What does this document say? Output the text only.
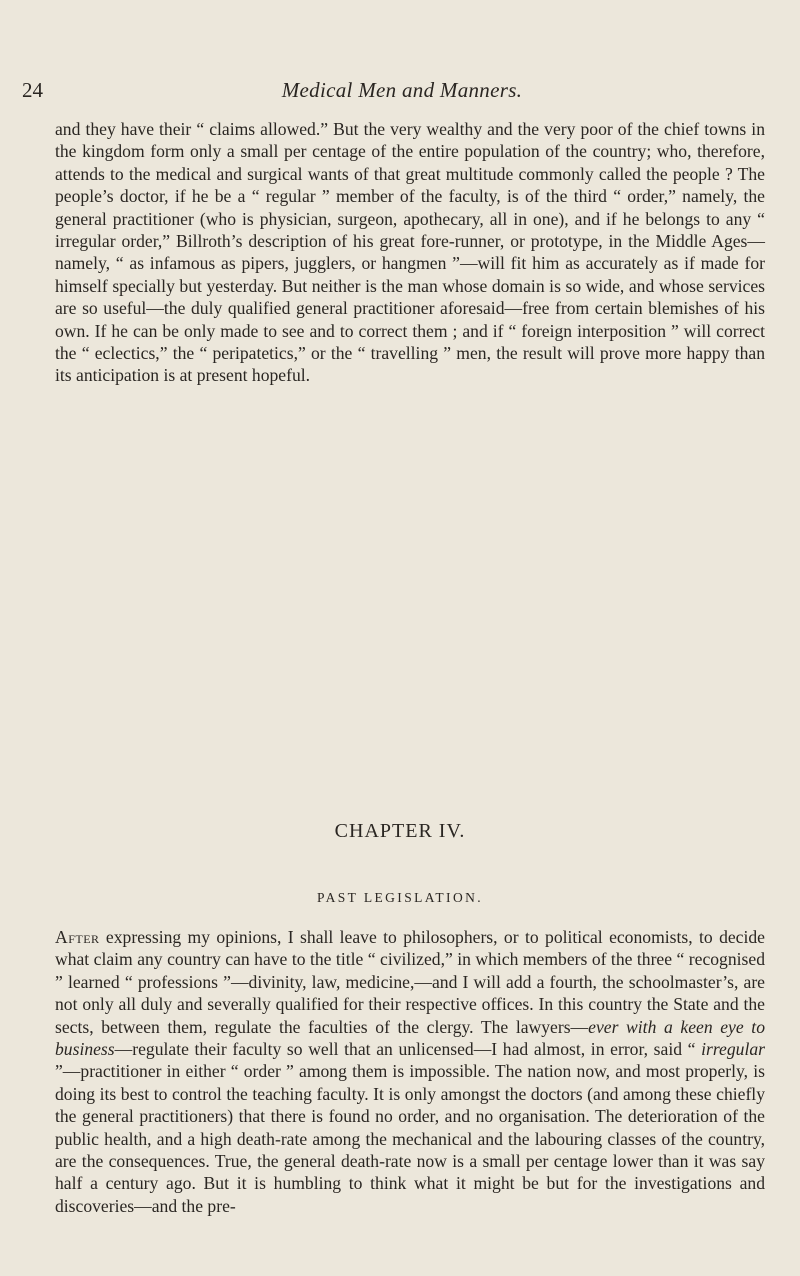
24	Medical Men and Manners.

and they have their “ claims allowed.” But the very wealthy and the very poor of the chief towns in the kingdom form only a small per centage of the entire population of the country; who, therefore, attends to the medical and surgical wants of that great multitude commonly called the people ? The people’s doctor, if he be a “ regular ” member of the faculty, is of the third “ order,” namely, the general practitioner (who is physician, surgeon, apothecary, all in one), and if he belongs to any “ irregular order,” Billroth’s description of his great fore-runner, or prototype, in the Middle Ages—namely, “ as infamous as pipers, jugglers, or hangmen ”—will fit him as accurately as if made for himself specially but yesterday. But neither is the man whose domain is so wide, and whose services are so useful—the duly qualified general practitioner aforesaid—free from certain blemishes of his own. If he can be only made to see and to correct them ; and if “ foreign interposition ” will correct the “ eclectics,” the “ peripatetics,” or the “ travelling ” men, the result will prove more happy than its anticipation is at present hopeful.

CHAPTER IV.
PAST LEGISLATION.

After expressing my opinions, I shall leave to philosophers, or to political economists, to decide what claim any country can have to the title “ civilized,” in which members of the three “ recognised ” learned “ professions ”—divinity, law, medicine,—and I will add a fourth, the schoolmaster’s, are not only all duly and severally qualified for their respective offices. In this country the State and the sects, between them, regulate the faculties of the clergy. The lawyers—ever with a keen eye to business—regulate their faculty so well that an unlicensed—I had almost, in error, said “ irregular ”—practitioner in either “ order ” among them is impossible. The nation now, and most properly, is doing its best to control the teaching faculty. It is only amongst the doctors (and among these chiefly the general practitioners) that there is found no order, and no organisation. The deterioration of the public health, and a high death-rate among the mechanical and the labouring classes of the country, are the consequences. True, the general death-rate now is a small per centage lower than it was say half a century ago. But it is humbling to think what it might be but for the investigations and discoveries—and the pre-
